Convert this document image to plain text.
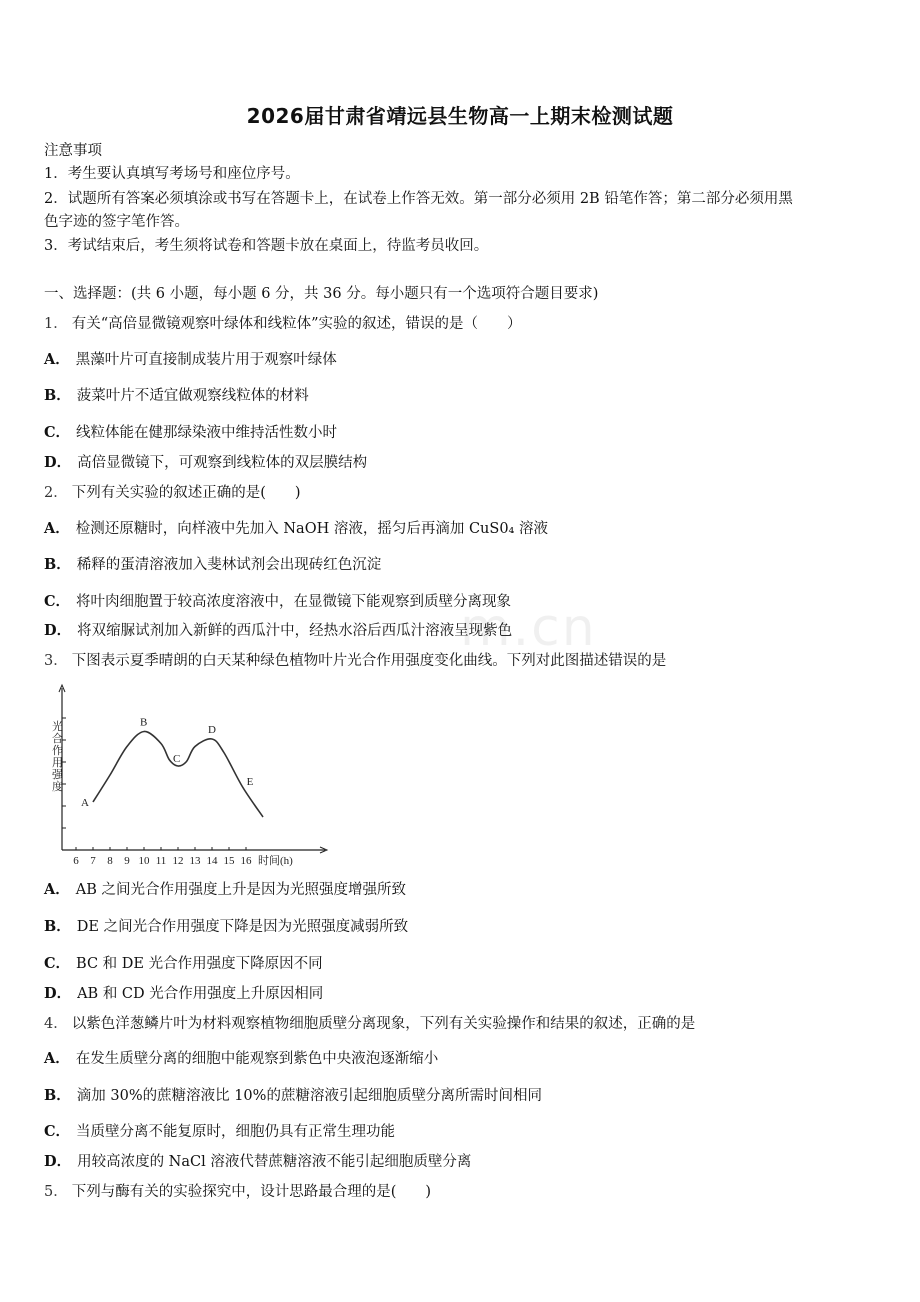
2026届甘肃省靖远县生物高一上期末检测试题
注意事项
1．考生要认真填写考场号和座位序号。
2．试题所有答案必须填涂或书写在答题卡上，在试卷上作答无效。第一部分必须用 2B 铅笔作答；第二部分必须用黑
色字迹的签字笔作答。
3．考试结束后，考生须将试卷和答题卡放在桌面上，待监考员收回。
一、选择题：(共 6 小题，每小题 6 分，共 36 分。每小题只有一个选项符合题目要求)
1． 有关“高倍显微镜观察叶绿体和线粒体”实验的叙述，错误的是（　　）
A． 黑藻叶片可直接制成装片用于观察叶绿体
B． 菠菜叶片不适宜做观察线粒体的材料
C． 线粒体能在健那绿染液中维持活性数小时
D． 高倍显微镜下，可观察到线粒体的双层膜结构
2． 下列有关实验的叙述正确的是(　　)
A． 检测还原糖时，向样液中先加入 NaOH 溶液，摇匀后再滴加 CuS0₄ 溶液
B． 稀释的蛋清溶液加入斐林试剂会出现砖红色沉淀
C． 将叶肉细胞置于较高浓度溶液中，在显微镜下能观察到质壁分离现象
D． 将双缩脲试剂加入新鲜的西瓜汁中，经热水浴后西瓜汁溶液呈现紫色
m.cn
3． 下图表示夏季晴朗的白天某种绿色植物叶片光合作用强度变化曲线。下列对此图描述错误的是
6 7 8 9 10 11 12 13 14 15 16 时间(h)
光合作用强度
A
B
C
D
E
A． AB 之间光合作用强度上升是因为光照强度增强所致
B． DE 之间光合作用强度下降是因为光照强度减弱所致
C． BC 和 DE 光合作用强度下降原因不同
D． AB 和 CD 光合作用强度上升原因相同
4． 以紫色洋葱鳞片叶为材料观察植物细胞质壁分离现象，下列有关实验操作和结果的叙述，正确的是
A． 在发生质壁分离的细胞中能观察到紫色中央液泡逐渐缩小
B． 滴加 30%的蔗糖溶液比 10%的蔗糖溶液引起细胞质壁分离所需时间相同
C． 当质壁分离不能复原时，细胞仍具有正常生理功能
D． 用较高浓度的 NaCl 溶液代替蔗糖溶液不能引起细胞质壁分离
5． 下列与酶有关的实验探究中，设计思路最合理的是(　　)
